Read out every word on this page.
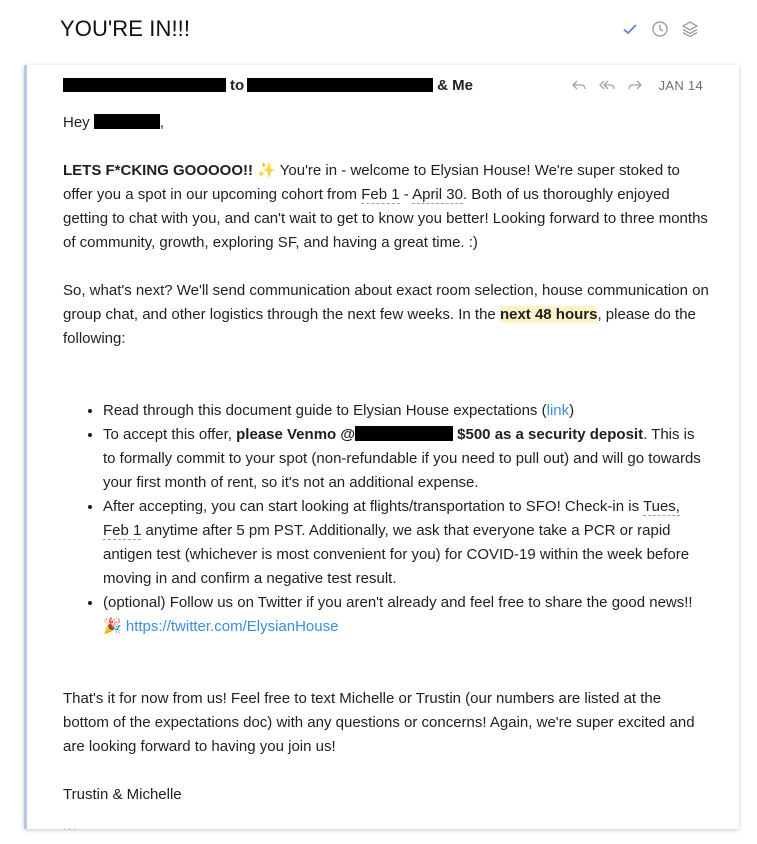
YOU'RE IN!!!
to	& Me	JAN 14

Hey	,

LETS F*CKING GOOOOO!! ✨ You're in - welcome to Elysian House! We're super stoked to offer you a spot in our upcoming cohort from Feb 1 - April 30. Both of us thoroughly enjoyed getting to chat with you, and can't wait to get to know you better! Looking forward to three months of community, growth, exploring SF, and having a great time. :)

So, what's next? We'll send communication about exact room selection, house communication on group chat, and other logistics through the next few weeks. In the next 48 hours, please do the following:

• Read through this document guide to Elysian House expectations (link)
• To accept this offer, please Venmo @	$500 as a security deposit. This is to formally commit to your spot (non-refundable if you need to pull out) and will go towards your first month of rent, so it's not an additional expense.
• After accepting, you can start looking at flights/transportation to SFO! Check-in is Tues, Feb 1 anytime after 5 pm PST. Additionally, we ask that everyone take a PCR or rapid antigen test (whichever is most convenient for you) for COVID-19 within the week before moving in and confirm a negative test result.
• (optional) Follow us on Twitter if you aren't already and feel free to share the good news!!
🎉 https://twitter.com/ElysianHouse

That's it for now from us! Feel free to text Michelle or Trustin (our numbers are listed at the bottom of the expectations doc) with any questions or concerns! Again, we're super excited and are looking forward to having you join us!

Trustin & Michelle

...
